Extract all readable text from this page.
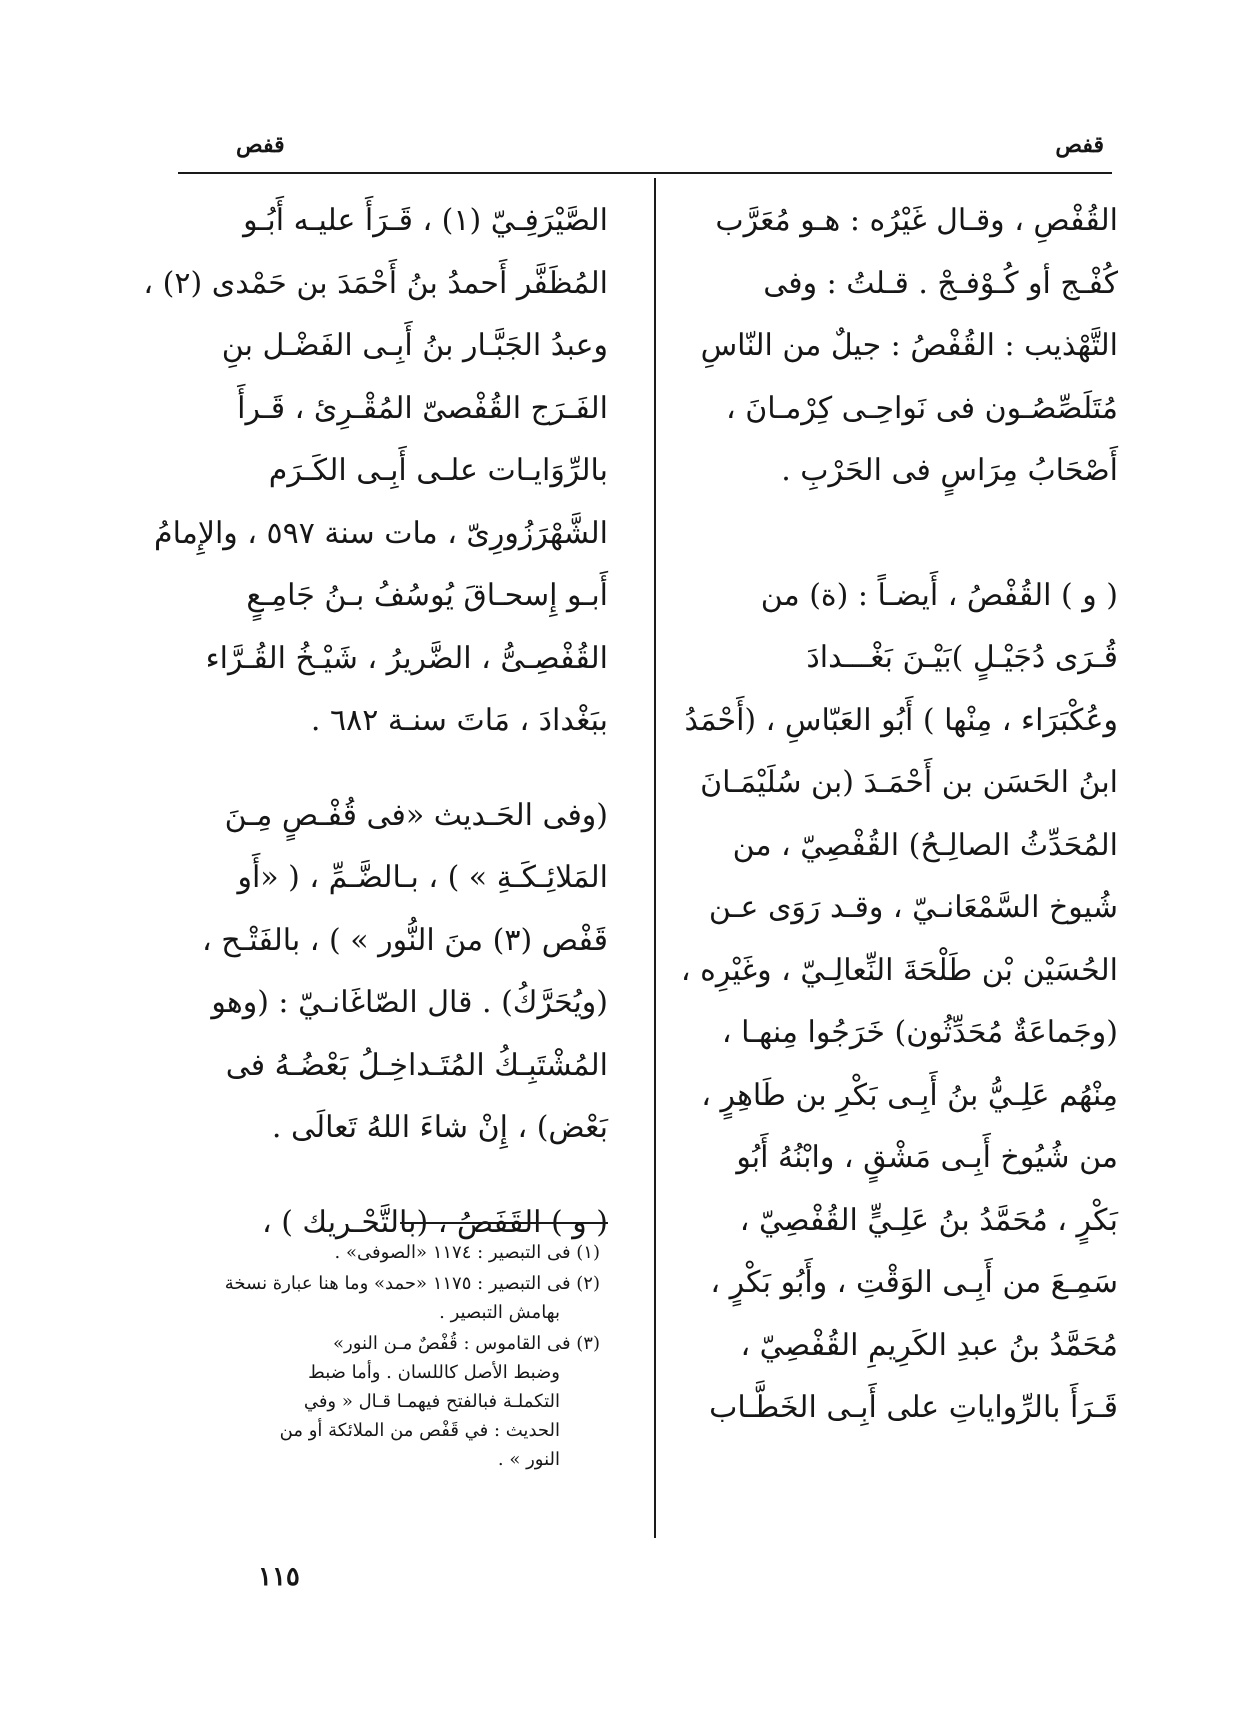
قفص
قفص
القُفْصِ ، وقـال غَيْرُه : هـو مُعَرَّب
كُفْـج أو كُـوْفـجْ . قـلتُ : وفى
التَّهْذيب : القُفْصُ : جيلٌ من النّاسِ
مُتَلَصِّصُـون فى نَواحِـى كِرْمـانَ ،
أَصْحَابُ مِرَاسٍ فى الحَرْبِ .
( و ) القُفْصُ ، أَيضـاً : (ة) من
قُـرَى دُجَيْـلٍ )بَيْـنَ بَغْـــدادَ
وعُكْبَرَاء ، مِنْها ) أَبُو العَبّاسِ ، (أَحْمَدُ
ابنُ الحَسَن بن أَحْمَـدَ (بن سُلَيْمَـانَ
المُحَدِّثُ الصالِـحُ) القُفْصِيّ ، من
شُيوخ السَّمْعَانـيّ ، وقـد رَوَى عـن
الحُسَيْن بْن طَلْحَةَ النِّعالِـيّ ، وغَيْرِه ،
(وجَماعَةٌ مُحَدِّثُون) خَرَجُوا مِنهـا ،
مِنْهُم عَلِـيُّ بنُ أَبِـى بَكْرِ بن طَاهِرٍ ،
من شُيُوخ أَبِـى مَشْقٍ ، وابْنُهُ أَبُو
بَكْرٍ ، مُحَمَّدُ بنُ عَلِـيٍّ القُفْصِيّ ،
سَمِـعَ من أَبِـى الوَقْتِ ، وأَبُو بَكْرٍ ،
مُحَمَّدُ بنُ عبدِ الكَرِيمِ القُفْصِيّ ،
قَـرَأَ بالرِّواياتِ على أَبِـى الخَطَّـاب
الصَّيْرَفِـيّ (١) ، قَـرَأَ عليـه أَبُـو
المُظَفَّر أَحمدُ بنُ أَحْمَدَ بن حَمْدى (٢) ،
وعبدُ الجَبَّـار بنُ أَبِـى الفَضْـل بنِ
الفَـرَج القُفْصىّ المُقْـرِئ ، قَـرأَ
بالرِّوَايـات علـى أَبِـى الكَـرَم
الشَّهْرَزُورِىّ ، مات سنة ٥٩٧ ، والإِمامُ
أَبـو إِسحـاقَ يُوسُفُ بـنُ جَامِـعٍ
القُفْصِـىُّ ، الضَّريرُ ، شَيْـخُ القُـرَّاء
ببَغْدادَ ، مَاتَ سنـة ٦٨٢ .
(وفى الحَـديث «فى قُفْـصٍ مِـنَ
المَلائِـكَـةِ » ) ، بـالضَّـمِّ ، ( «أَو
قَفْص (٣) منَ النُّور » ) ، بالفَتْـح ،
(ويُحَرَّكُ) . قال الصّاغَانـيّ : (وهو
المُشْتَبِـكُ المُتَـداخِـلُ بَعْضُـهُ فى
بَعْض) ، إِنْ شاءَ اللهُ تَعالَى .
( و ) القَفَصُ ، (بالتَّحْـريك ) ،
(١) فى التبصير : ١١٧٤ «الصوفى» .
(٢) فى التبصير : ١١٧٥ «حمد» وما هنا عبارة نسخة
بهامش التبصير .
(٣) فى القاموس : قُفْصٌ مـن النور»
وضبط الأصل كاللسان . وأما ضبط
التكملـة فبالفتح فيهمـا قـال « وفي
الحديث : في قَفْص من الملائكة أو من
النور » .
١١٥
